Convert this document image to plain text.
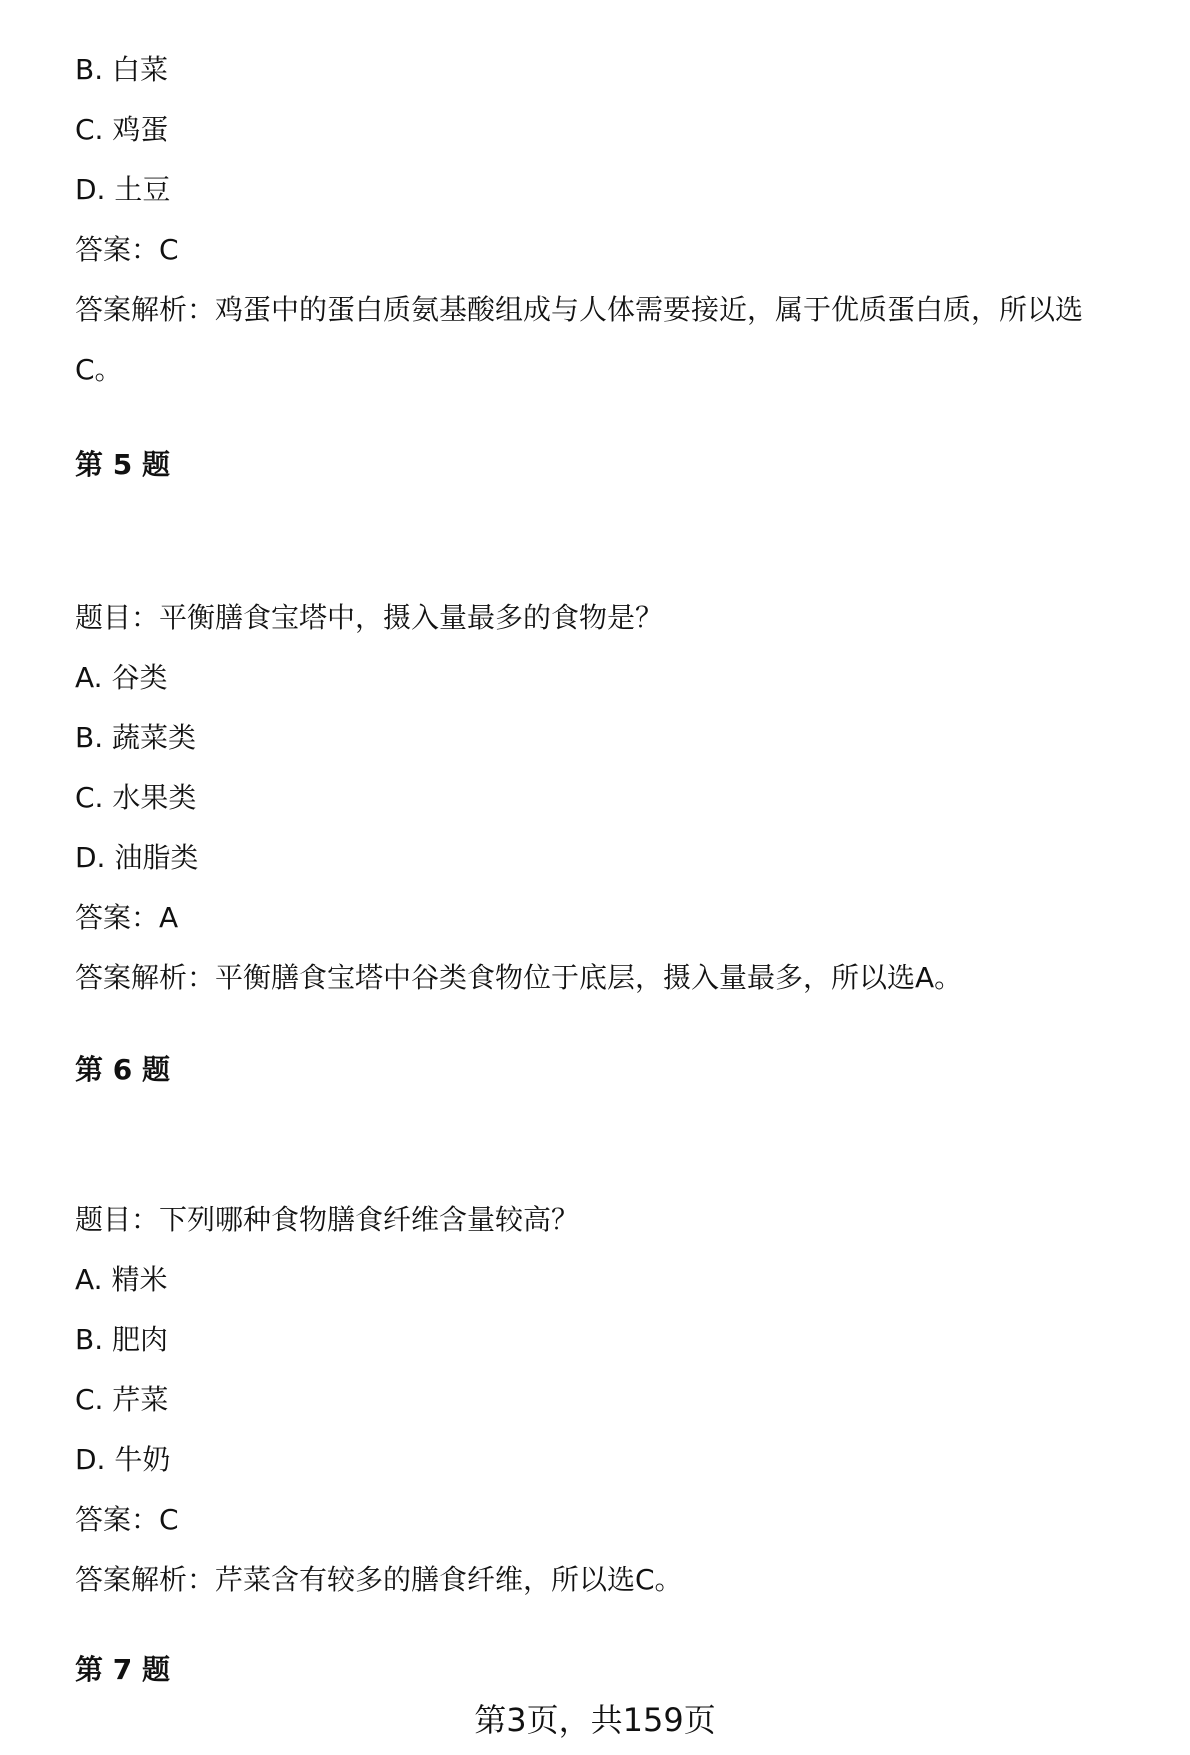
B. 白菜
C. 鸡蛋
D. 土豆
答案：C
答案解析：鸡蛋中的蛋白质氨基酸组成与人体需要接近，属于优质蛋白质，所以选
C。
第 5 题
题目：平衡膳食宝塔中，摄入量最多的食物是？
A. 谷类
B. 蔬菜类
C. 水果类
D. 油脂类
答案：A
答案解析：平衡膳食宝塔中谷类食物位于底层，摄入量最多，所以选A。
第 6 题
题目：下列哪种食物膳食纤维含量较高？
A. 精米
B. 肥肉
C. 芹菜
D. 牛奶
答案：C
答案解析：芹菜含有较多的膳食纤维，所以选C。
第 7 题
第3页，共159页
